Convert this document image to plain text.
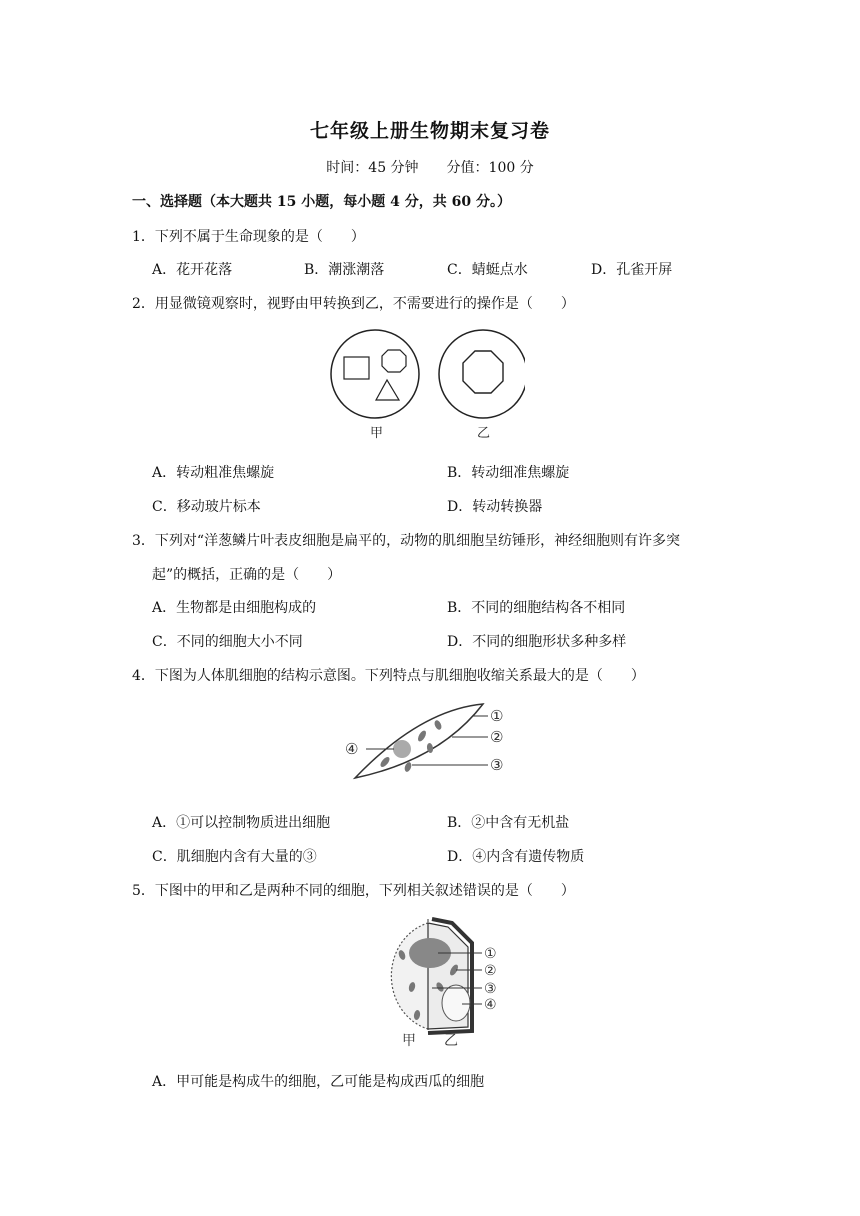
七年级上册生物期末复习卷
时间：45 分钟　　分值：100 分
一、选择题（本大题共 15 小题，每小题 4 分，共 60 分。）
1．下列不属于生命现象的是（　　）
A．花开花落	B．潮涨潮落	C．蜻蜓点水	D．孔雀开屏
2．用显微镜观察时，视野由甲转换到乙，不需要进行的操作是（　　）
甲	乙
A．转动粗准焦螺旋	B．转动细准焦螺旋
C．移动玻片标本	D．转动转换器
3．下列对“洋葱鳞片叶表皮细胞是扁平的，动物的肌细胞呈纺锤形，神经细胞则有许多突
起”的概括，正确的是（　　）
A．生物都是由细胞构成的	B．不同的细胞结构各不相同
C．不同的细胞大小不同	D．不同的细胞形状多种多样
4．下图为人体肌细胞的结构示意图。下列特点与肌细胞收缩关系最大的是（　　）
①
②
③
④
A．①可以控制物质进出细胞	B．②中含有无机盐
C．肌细胞内含有大量的③	D．④内含有遗传物质
5．下图中的甲和乙是两种不同的细胞，下列相关叙述错误的是（　　）
①
②
③
④
甲 乙
A．甲可能是构成牛的细胞，乙可能是构成西瓜的细胞
